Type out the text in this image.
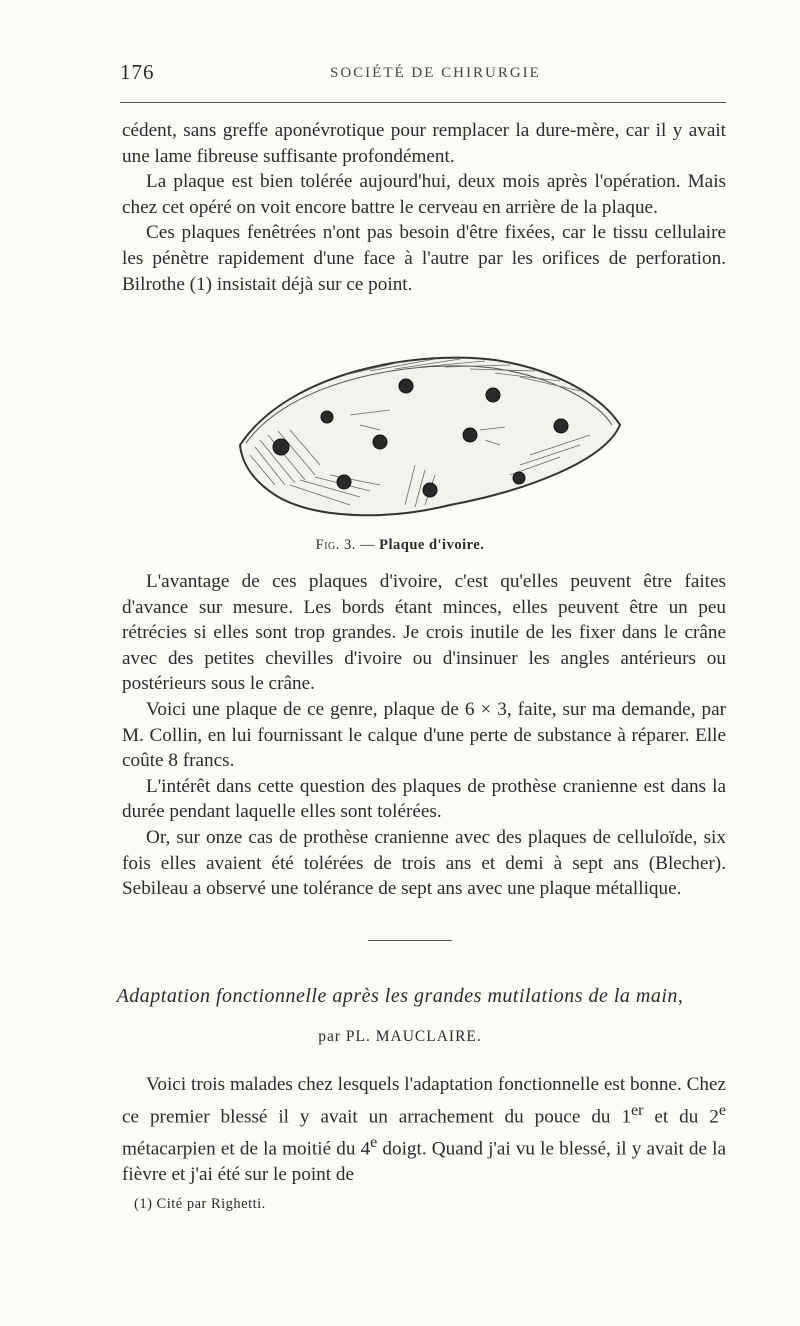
176	SOCIÉTÉ DE CHIRURGIE

cédent, sans greffe aponévrotique pour remplacer la dure-mère, car il y avait une lame fibreuse suffisante profondément.

La plaque est bien tolérée aujourd'hui, deux mois après l'opération. Mais chez cet opéré on voit encore battre le cerveau en arrière de la plaque.

Ces plaques fenêtrées n'ont pas besoin d'être fixées, car le tissu cellulaire les pénètre rapidement d'une face à l'autre par les orifices de perforation. Bilrothe (1) insistait déjà sur ce point.

Fig. 3. — Plaque d'ivoire.

L'avantage de ces plaques d'ivoire, c'est qu'elles peuvent être faites d'avance sur mesure. Les bords étant minces, elles peuvent être un peu rétrécies si elles sont trop grandes. Je crois inutile de les fixer dans le crâne avec des petites chevilles d'ivoire ou d'insinuer les angles antérieurs ou postérieurs sous le crâne.

Voici une plaque de ce genre, plaque de 6 × 3, faite, sur ma demande, par M. Collin, en lui fournissant le calque d'une perte de substance à réparer. Elle coûte 8 francs.

L'intérêt dans cette question des plaques de prothèse cranienne est dans la durée pendant laquelle elles sont tolérées.

Or, sur onze cas de prothèse cranienne avec des plaques de celluloïde, six fois elles avaient été tolérées de trois ans et demi à sept ans (Blecher). Sebileau a observé une tolérance de sept ans avec une plaque métallique.

Adaptation fonctionnelle après les grandes mutilations de la main,
par PL. MAUCLAIRE.

Voici trois malades chez lesquels l'adaptation fonctionnelle est bonne. Chez ce premier blessé il y avait un arrachement du pouce du 1er et du 2e métacarpien et de la moitié du 4e doigt. Quand j'ai vu le blessé, il y avait de la fièvre et j'ai été sur le point de

(1) Cité par Righetti.
